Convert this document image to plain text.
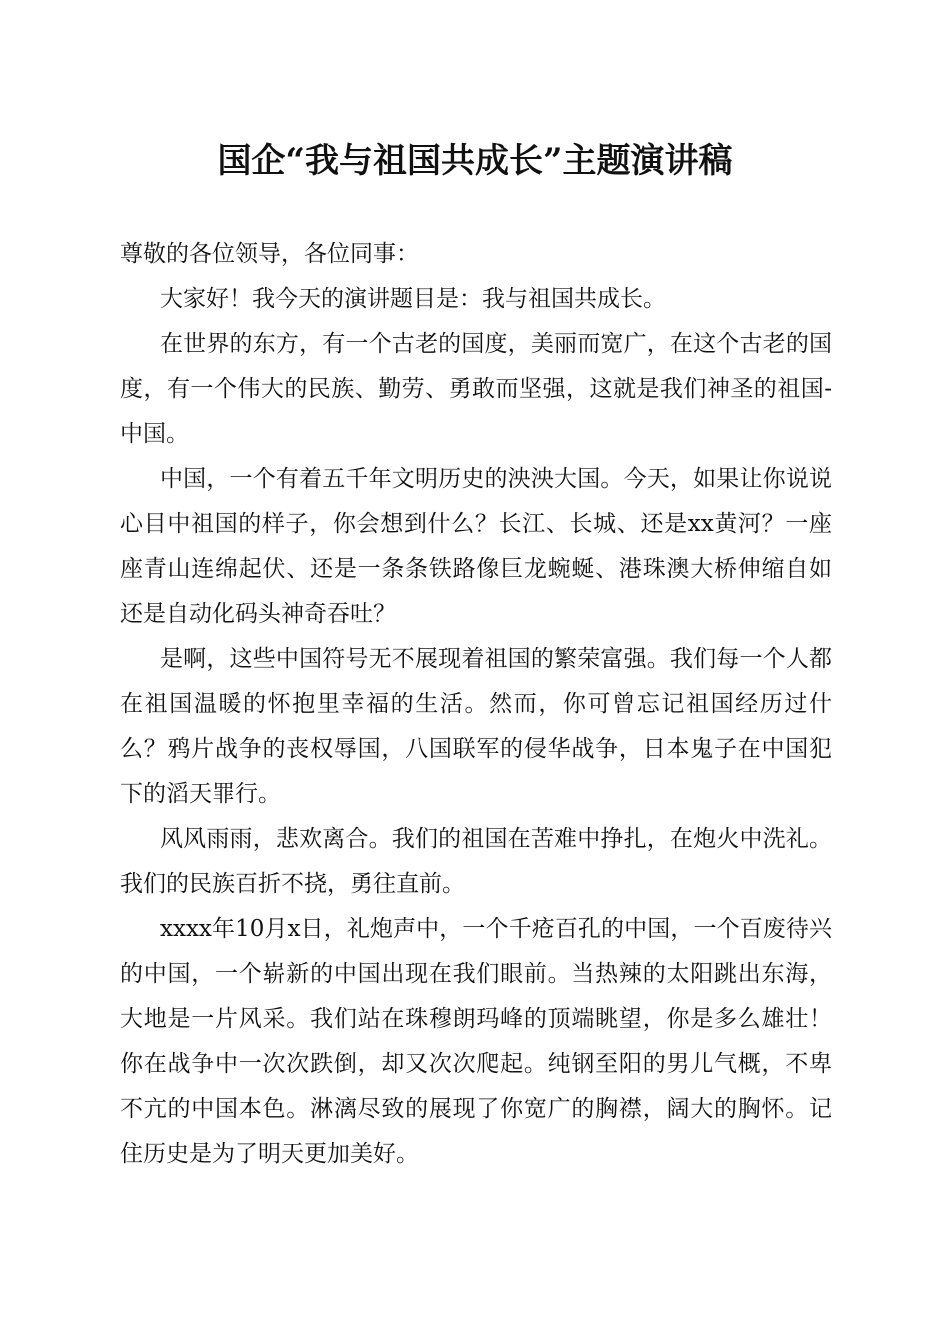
国企“我与祖国共成长”主题演讲稿

尊敬的各位领导，各位同事：

大家好！我今天的演讲题目是：我与祖国共成长。

在世界的东方，有一个古老的国度，美丽而宽广，在这个古老的国度，有一个伟大的民族、勤劳、勇敢而坚强，这就是我们神圣的祖国-中国。

中国，一个有着五千年文明历史的泱泱大国。今天，如果让你说说心目中祖国的样子，你会想到什么？长江、长城、还是xx黄河？一座座青山连绵起伏、还是一条条铁路像巨龙蜿蜒、港珠澳大桥伸缩自如还是自动化码头神奇吞吐？

是啊，这些中国符号无不展现着祖国的繁荣富强。我们每一个人都在祖国温暖的怀抱里幸福的生活。然而，你可曾忘记祖国经历过什么？鸦片战争的丧权辱国，八国联军的侵华战争，日本鬼子在中国犯下的滔天罪行。

风风雨雨，悲欢离合。我们的祖国在苦难中挣扎，在炮火中洗礼。我们的民族百折不挠，勇往直前。

xxxx年10月x日，礼炮声中，一个千疮百孔的中国，一个百废待兴的中国，一个崭新的中国出现在我们眼前。当热辣的太阳跳出东海，大地是一片风采。我们站在珠穆朗玛峰的顶端眺望，你是多么雄壮！你在战争中一次次跌倒，却又次次爬起。纯钢至阳的男儿气概，不卑不亢的中国本色。淋漓尽致的展现了你宽广的胸襟，阔大的胸怀。记住历史是为了明天更加美好。
